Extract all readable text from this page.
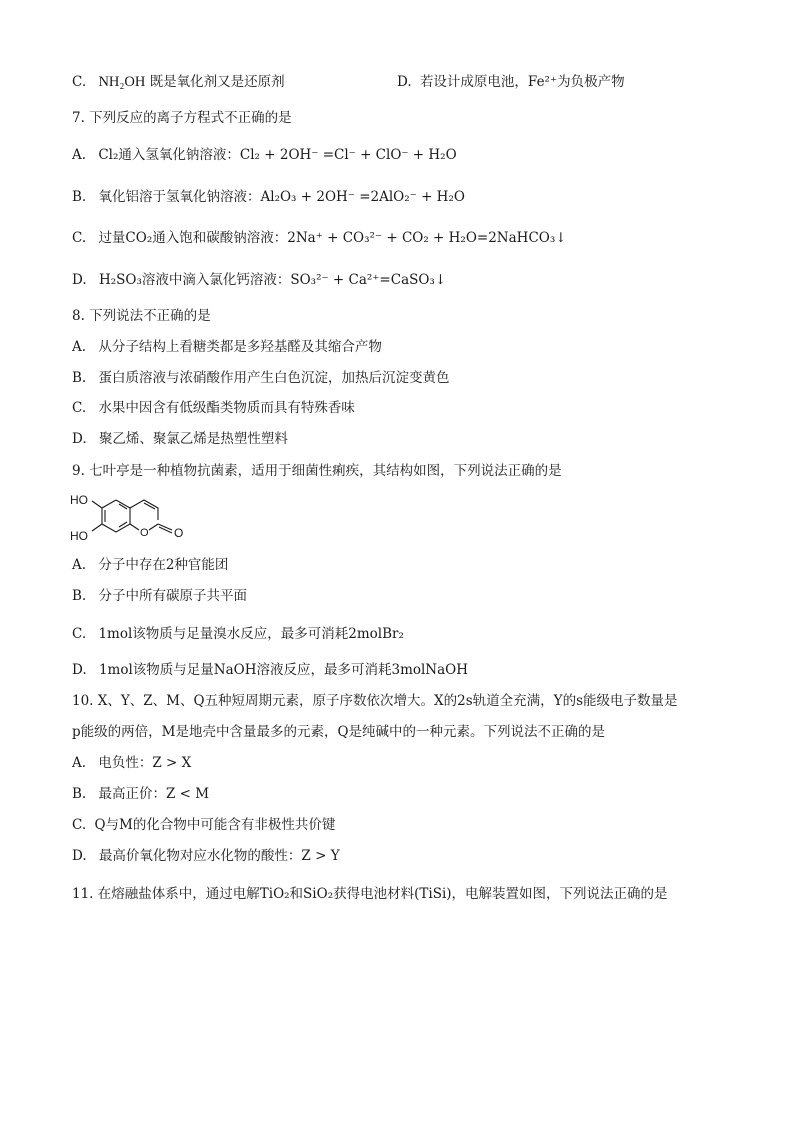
C. NH₂OH 既是氧化剂又是还原剂	D. 若设计成原电池，Fe²⁺为负极产物
7. 下列反应的离子方程式不正确的是
A. Cl₂通入氢氧化钠溶液：Cl₂ + 2OH⁻ =Cl⁻ + ClO⁻ + H₂O
B. 氧化铝溶于氢氧化钠溶液：Al₂O₃ + 2OH⁻ =2AlO₂⁻ + H₂O
C. 过量CO₂通入饱和碳酸钠溶液：2Na⁺ + CO₃²⁻ + CO₂ + H₂O=2NaHCO₃↓
D. H₂SO₃溶液中滴入氯化钙溶液：SO₃²⁻ + Ca²⁺=CaSO₃↓
8. 下列说法不正确的是
A. 从分子结构上看糖类都是多羟基醛及其缩合产物
B. 蛋白质溶液与浓硝酸作用产生白色沉淀，加热后沉淀变黄色
C. 水果中因含有低级酯类物质而具有特殊香味
D. 聚乙烯、聚氯乙烯是热塑性塑料
9. 七叶亭是一种植物抗菌素，适用于细菌性痢疾，其结构如图，下列说法正确的是
HO
HO	O O
A. 分子中存在2种官能团
B. 分子中所有碳原子共平面
C. 1mol该物质与足量溴水反应，最多可消耗2molBr₂
D. 1mol该物质与足量NaOH溶液反应，最多可消耗3molNaOH
10. X、Y、Z、M、Q五种短周期元素，原子序数依次增大。X的2s轨道全充满，Y的s能级电子数量是
p能级的两倍，M是地壳中含量最多的元素，Q是纯碱中的一种元素。下列说法不正确的是
A. 电负性：Z > X
B. 最高正价：Z < M
C. Q与M的化合物中可能含有非极性共价键
D. 最高价氧化物对应水化物的酸性：Z > Y
11. 在熔融盐体系中，通过电解TiO₂和SiO₂获得电池材料(TiSi)，电解装置如图，下列说法正确的是
